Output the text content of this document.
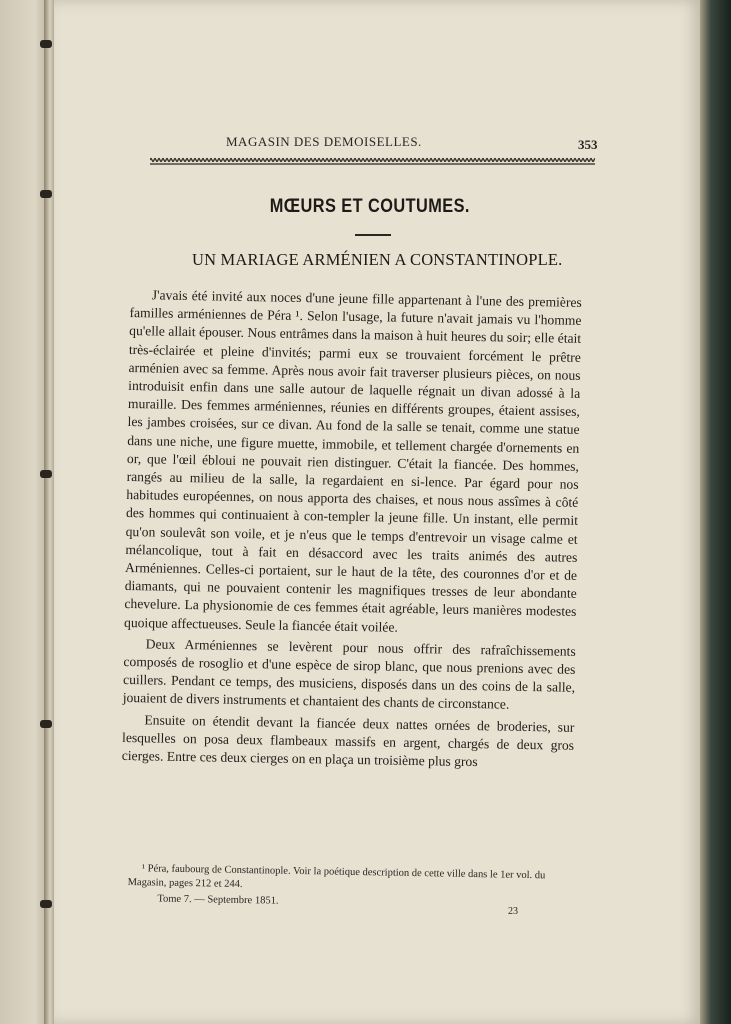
MAGASIN DES DEMOISELLES.	353
MŒURS ET COUTUMES.
UN MARIAGE ARMÉNIEN A CONSTANTINOPLE.

J'avais été invité aux noces d'une jeune fille appartenant à l'une des premières familles arméniennes de Péra ¹. Selon l'usage, la future n'avait jamais vu l'homme qu'elle allait épouser. Nous entrâmes dans la maison à huit heures du soir; elle était très-éclairée et pleine d'invités; parmi eux se trouvaient forcément le prêtre arménien avec sa femme. Après nous avoir fait traverser plusieurs pièces, on nous introduisit enfin dans une salle autour de laquelle régnait un divan adossé à la muraille. Des femmes arméniennes, réunies en différents groupes, étaient assises, les jambes croisées, sur ce divan. Au fond de la salle se tenait, comme une statue dans une niche, une figure muette, immobile, et tellement chargée d'ornements en or, que l'œil ébloui ne pouvait rien distinguer. C'était la fiancée. Des hommes, rangés au milieu de la salle, la regardaient en si-lence. Par égard pour nos habitudes européennes, on nous apporta des chaises, et nous nous assîmes à côté des hommes qui continuaient à con-templer la jeune fille. Un instant, elle permit qu'on soulevât son voile, et je n'eus que le temps d'entrevoir un visage calme et mélancolique, tout à fait en désaccord avec les traits animés des autres Arméniennes. Celles-ci portaient, sur le haut de la tête, des couronnes d'or et de diamants, qui ne pouvaient contenir les magnifiques tresses de leur abondante chevelure. La physionomie de ces femmes était agréable, leurs manières modestes quoique affectueuses. Seule la fiancée était voilée.

Deux Arméniennes se levèrent pour nous offrir des rafraîchissements composés de rosoglio et d'une espèce de sirop blanc, que nous prenions avec des cuillers. Pendant ce temps, des musiciens, disposés dans un des coins de la salle, jouaient de divers instruments et chantaient des chants de circonstance.

Ensuite on étendit devant la fiancée deux nattes ornées de broderies, sur lesquelles on posa deux flambeaux massifs en argent, chargés de deux gros cierges. Entre ces deux cierges on en plaça un troisième plus gros

¹ Péra, faubourg de Constantinople. Voir la poétique description de cette ville dans le 1er vol. du Magasin, pages 212 et 244.
Tome 7. — Septembre 1851.
23
